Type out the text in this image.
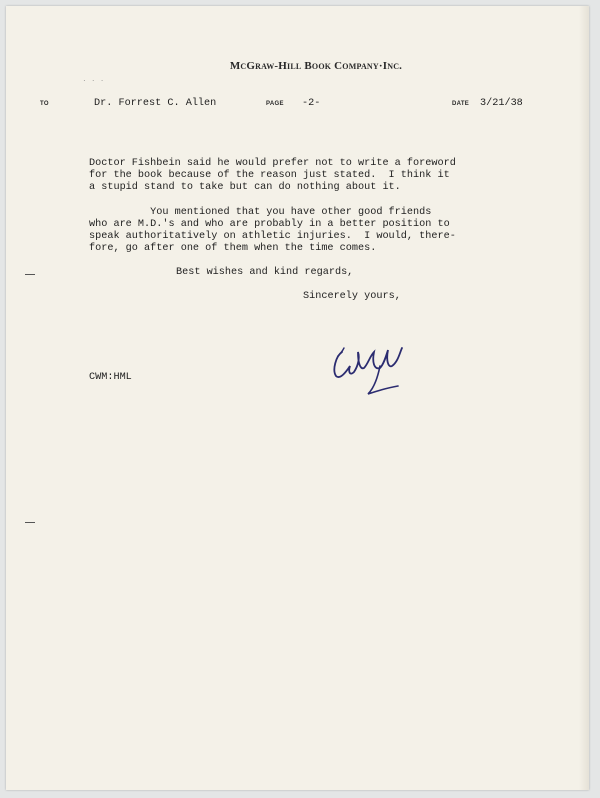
· · ·
McGraw-Hill Book Company·Inc.
TO	Dr. Forrest C. Allen	PAGE -2-	DATE 3/21/38
Doctor Fishbein said he would prefer not to write a foreword
for the book because of the reason just stated.  I think it
a stupid stand to take but can do nothing about it.
You mentioned that you have other good friends
who are M.D.'s and who are probably in a better position to
speak authoritatively on athletic injuries.  I would, there-
fore, go after one of them when the time comes.
Best wishes and kind regards,
Sincerely yours,
CWM:HML
